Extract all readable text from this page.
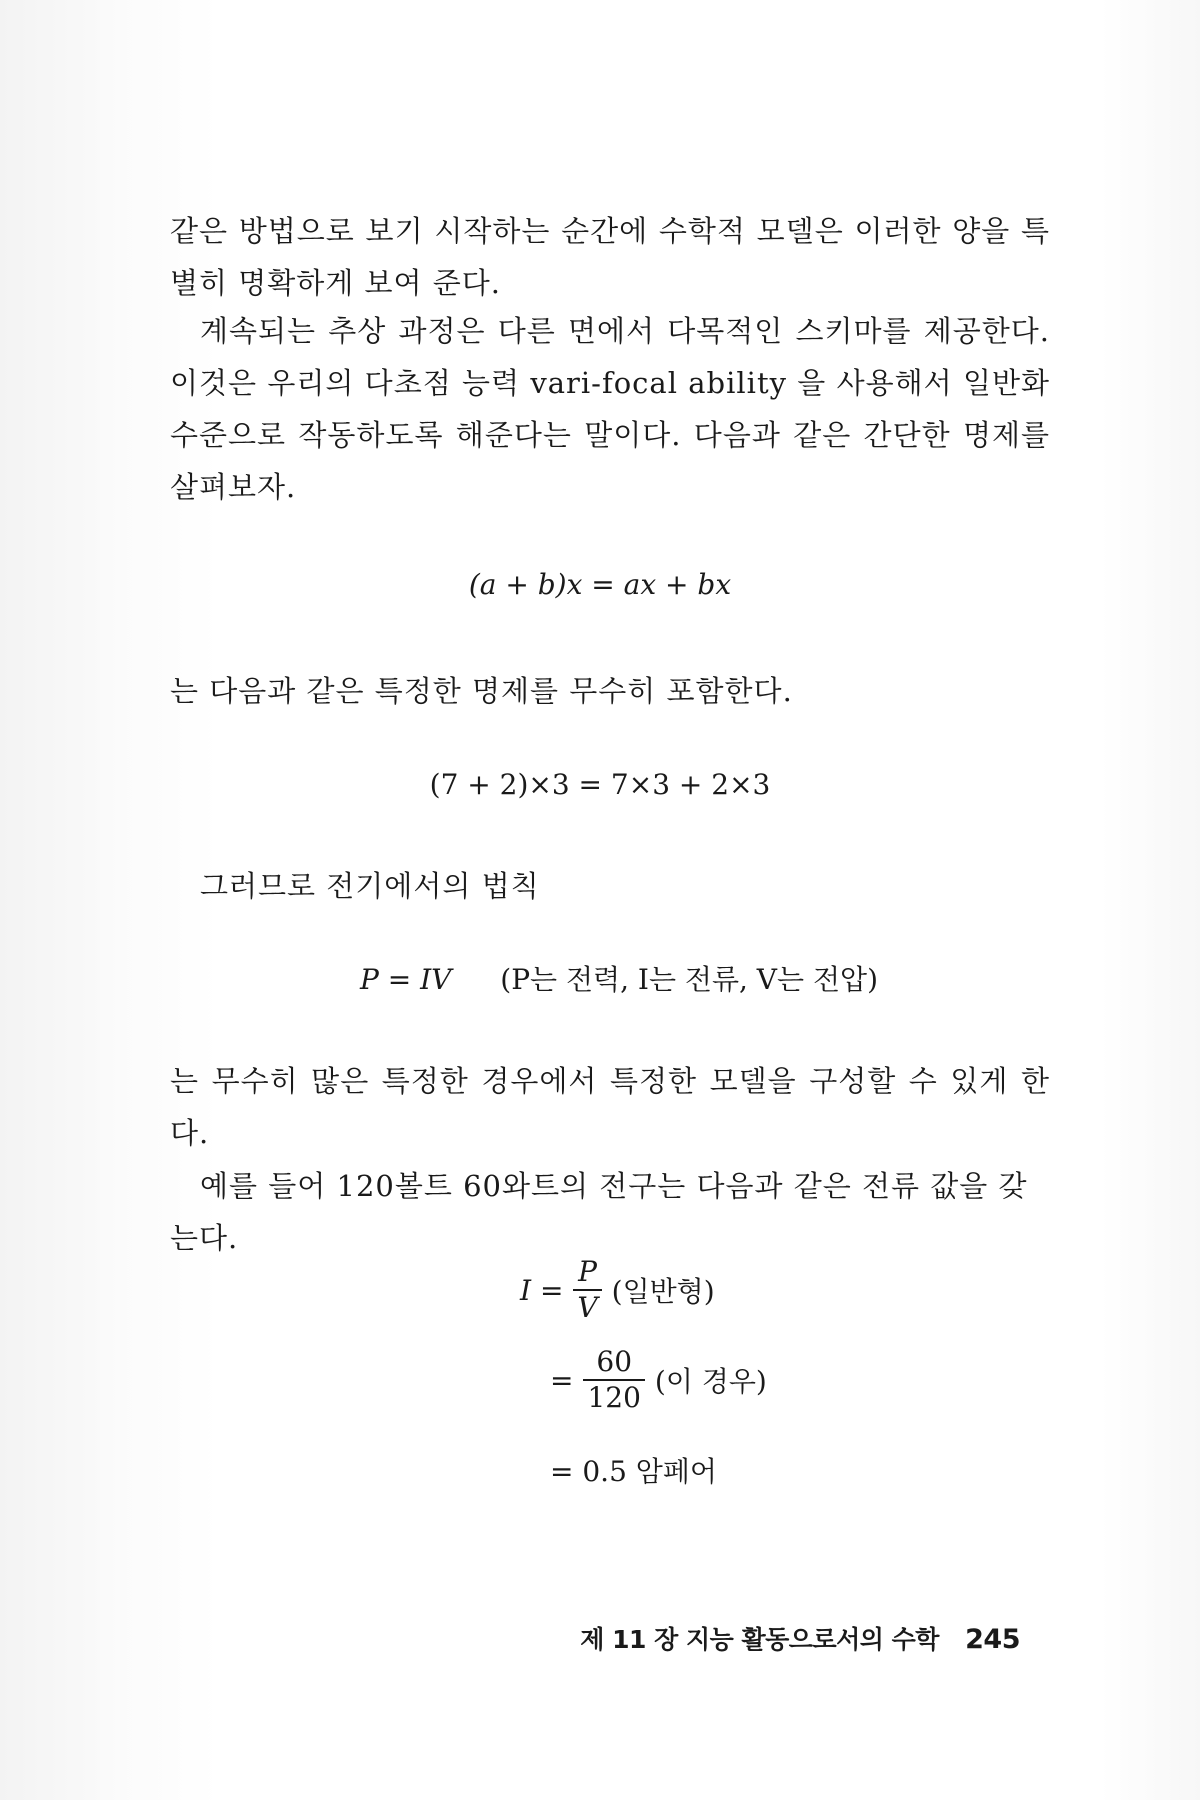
같은 방법으로 보기 시작하는 순간에 수학적 모델은 이러한 양을 특별히 명확하게 보여 준다.

계속되는 추상 과정은 다른 면에서 다목적인 스키마를 제공한다. 이것은 우리의 다초점 능력 vari-focal ability 을 사용해서 일반화 수준으로 작동하도록 해준다는 말이다. 다음과 같은 간단한 명제를 살펴보자.

(a + b)x = ax + bx

는 다음과 같은 특정한 명제를 무수히 포함한다.

(7 + 2)×3 = 7×3 + 2×3

그러므로 전기에서의 법칙

P = IV (P는 전력, I는 전류, V는 전압)

는 무수히 많은 특정한 경우에서 특정한 모델을 구성할 수 있게 한다.

예를 들어 120볼트 60와트의 전구는 다음과 같은 전류 값을 갖는다.

$I = \frac{P}{V}$ (일반형)
= $\frac{60}{120}$ (이 경우)
= 0.5 암페어
제 11 장 지능 활동으로서의 수학 245
